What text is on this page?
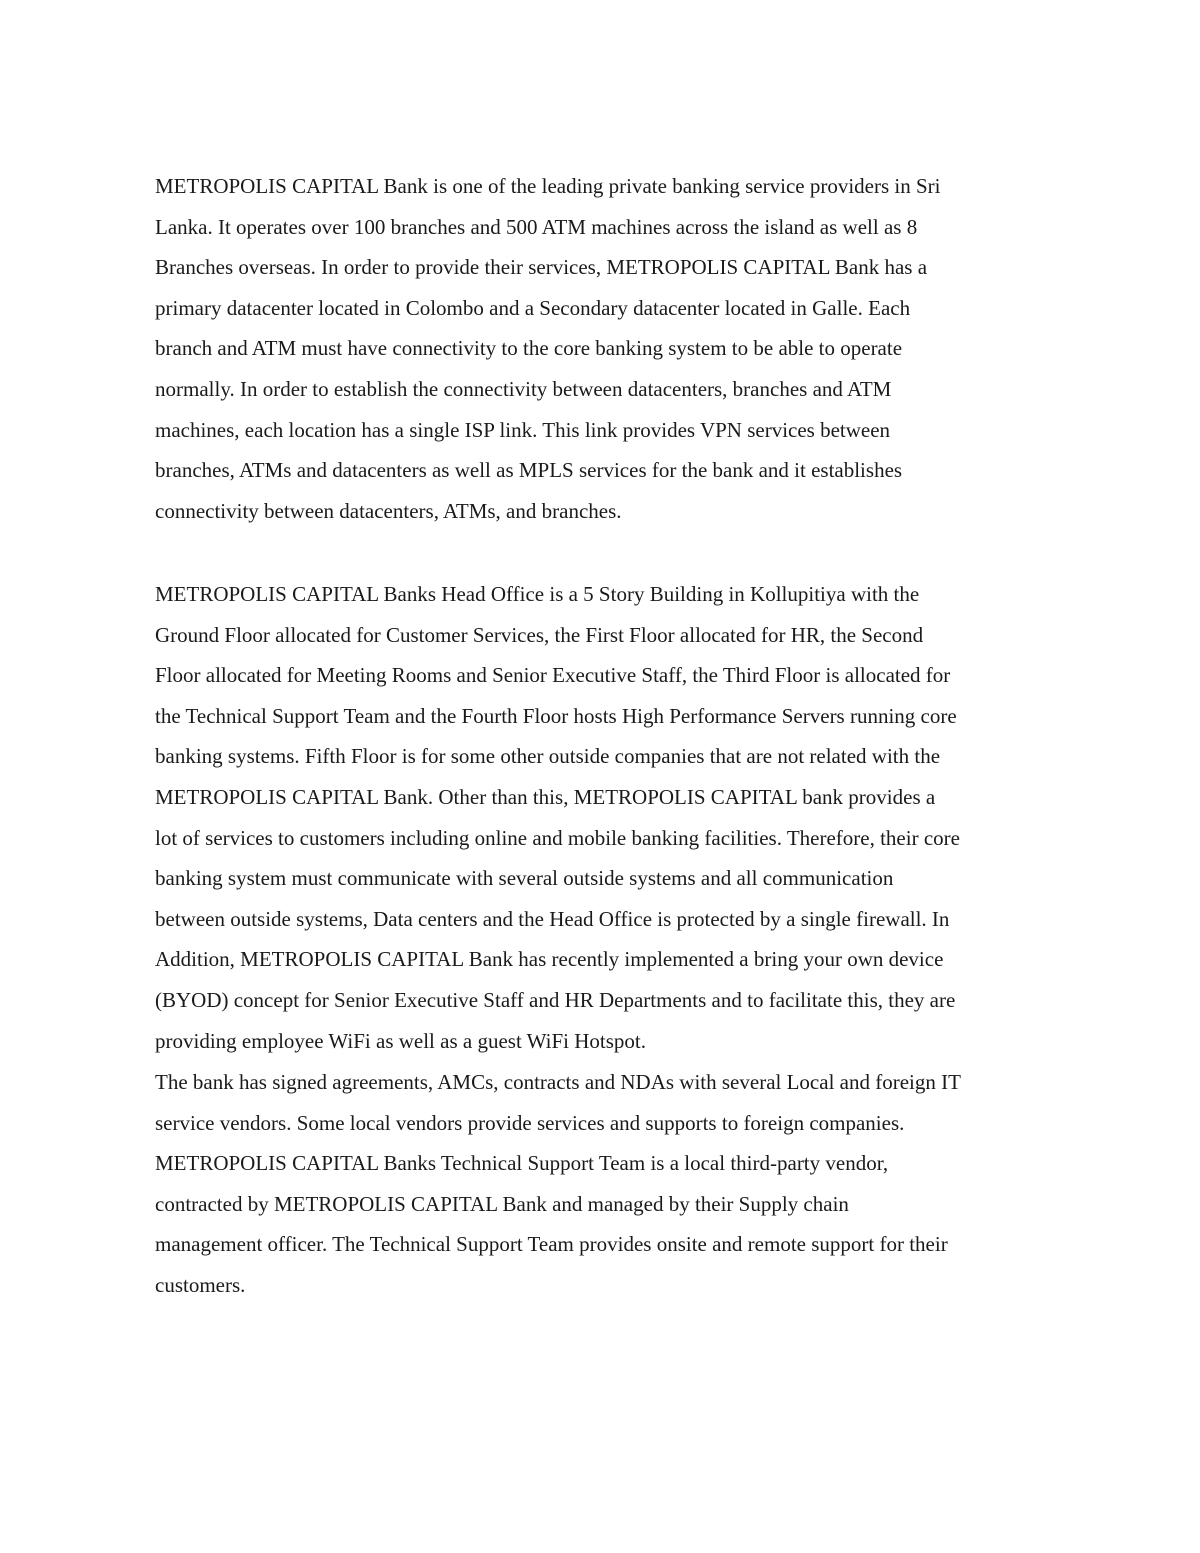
METROPOLIS CAPITAL Bank is one of the leading private banking service providers in Sri
Lanka. It operates over 100 branches and 500 ATM machines across the island as well as 8
Branches overseas. In order to provide their services, METROPOLIS CAPITAL Bank has a
primary datacenter located in Colombo and a Secondary datacenter located in Galle. Each
branch and ATM must have connectivity to the core banking system to be able to operate
normally. In order to establish the connectivity between datacenters, branches and ATM
machines, each location has a single ISP link. This link provides VPN services between
branches, ATMs and datacenters as well as MPLS services for the bank and it establishes
connectivity between datacenters, ATMs, and branches.
METROPOLIS CAPITAL Banks Head Office is a 5 Story Building in Kollupitiya with the
Ground Floor allocated for Customer Services, the First Floor allocated for HR, the Second
Floor allocated for Meeting Rooms and Senior Executive Staff, the Third Floor is allocated for
the Technical Support Team and the Fourth Floor hosts High Performance Servers running core
banking systems. Fifth Floor is for some other outside companies that are not related with the
METROPOLIS CAPITAL Bank. Other than this, METROPOLIS CAPITAL bank provides a
lot of services to customers including online and mobile banking facilities. Therefore, their core
banking system must communicate with several outside systems and all communication
between outside systems, Data centers and the Head Office is protected by a single firewall. In
Addition, METROPOLIS CAPITAL Bank has recently implemented a bring your own device
(BYOD) concept for Senior Executive Staff and HR Departments and to facilitate this, they are
providing employee WiFi as well as a guest WiFi Hotspot.
The bank has signed agreements, AMCs, contracts and NDAs with several Local and foreign IT
service vendors. Some local vendors provide services and supports to foreign companies.
METROPOLIS CAPITAL Banks Technical Support Team is a local third-party vendor,
contracted by METROPOLIS CAPITAL Bank and managed by their Supply chain
management officer. The Technical Support Team provides onsite and remote support for their
customers.
